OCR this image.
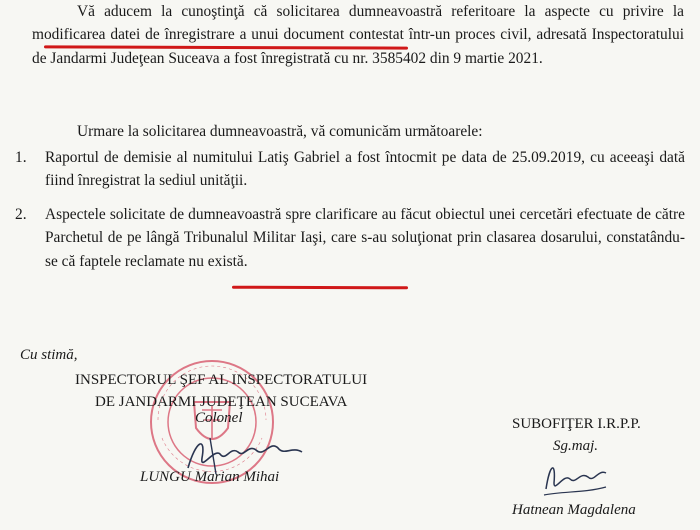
Vă aducem la cunoştinţă că solicitarea dumneavoastră referitoare la aspecte cu privire la modificarea datei de înregistrare a unui document contestat într-un proces civil, adresată Inspectoratului de Jandarmi Judeţean Suceava a fost înregistrată cu nr. 3585402 din 9 martie 2021.

Urmare la solicitarea dumneavoastră, vă comunicăm următoarele:

1. Raportul de demisie al numitului Latiş Gabriel a fost întocmit pe data de 25.09.2019, cu aceeaşi dată fiind înregistrat la sediul unităţii.

2. Aspectele solicitate de dumneavoastră spre clarificare au făcut obiectul unei cercetări efectuate de către Parchetul de pe lângă Tribunalul Militar Iaşi, care s-au soluţionat prin clasarea dosarului, constatându-se că faptele reclamate nu există.

Cu stimă,
INSPECTORUL ŞEF AL INSPECTORATULUI
DE JANDARMI JUDEŢEAN SUCEAVA
Colonel
LUNGU Marian Mihai
SUBOFIŢER I.R.P.P.
Sg.maj.
Hatnean Magdalena
